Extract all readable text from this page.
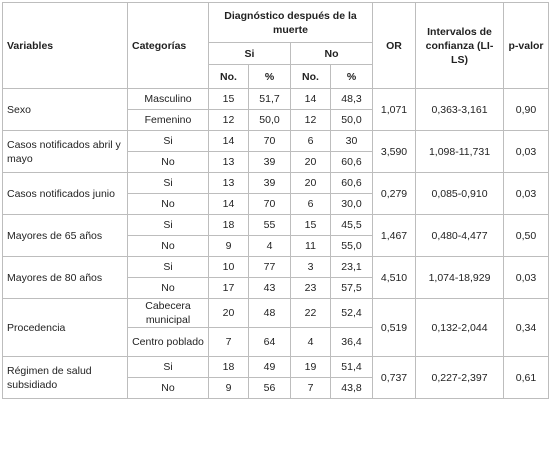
Variables	Categorías	Diagnóstico después de la muerte				OR	Intervalos de confianza (LI-LS)	p-valor
		Si		No				
		No.	%	No.	%			
Sexo	Masculino	15	51,7	14	48,3	1,071	0,363-3,161	0,90
	Femenino	12	50,0	12	50,0			
Casos notificados abril y mayo	Si	14	70	6	30	3,590	1,098-11,731	0,03
	No	13	39	20	60,6			
Casos notificados junio	Si	13	39	20	60,6	0,279	0,085-0,910	0,03
	No	14	70	6	30,0			
Mayores de 65 años	Si	18	55	15	45,5	1,467	0,480-4,477	0,50
	No	9	4	11	55,0			
Mayores de 80 años	Si	10	77	3	23,1	4,510	1,074-18,929	0,03
	No	17	43	23	57,5			
Procedencia	Cabecera municipal	20	48	22	52,4	0,519	0,132-2,044	0,34
	Centro poblado	7	64	4	36,4			
Régimen de salud subsidiado	Si	18	49	19	51,4	0,737	0,227-2,397	0,61
	No	9	56	7	43,8			
